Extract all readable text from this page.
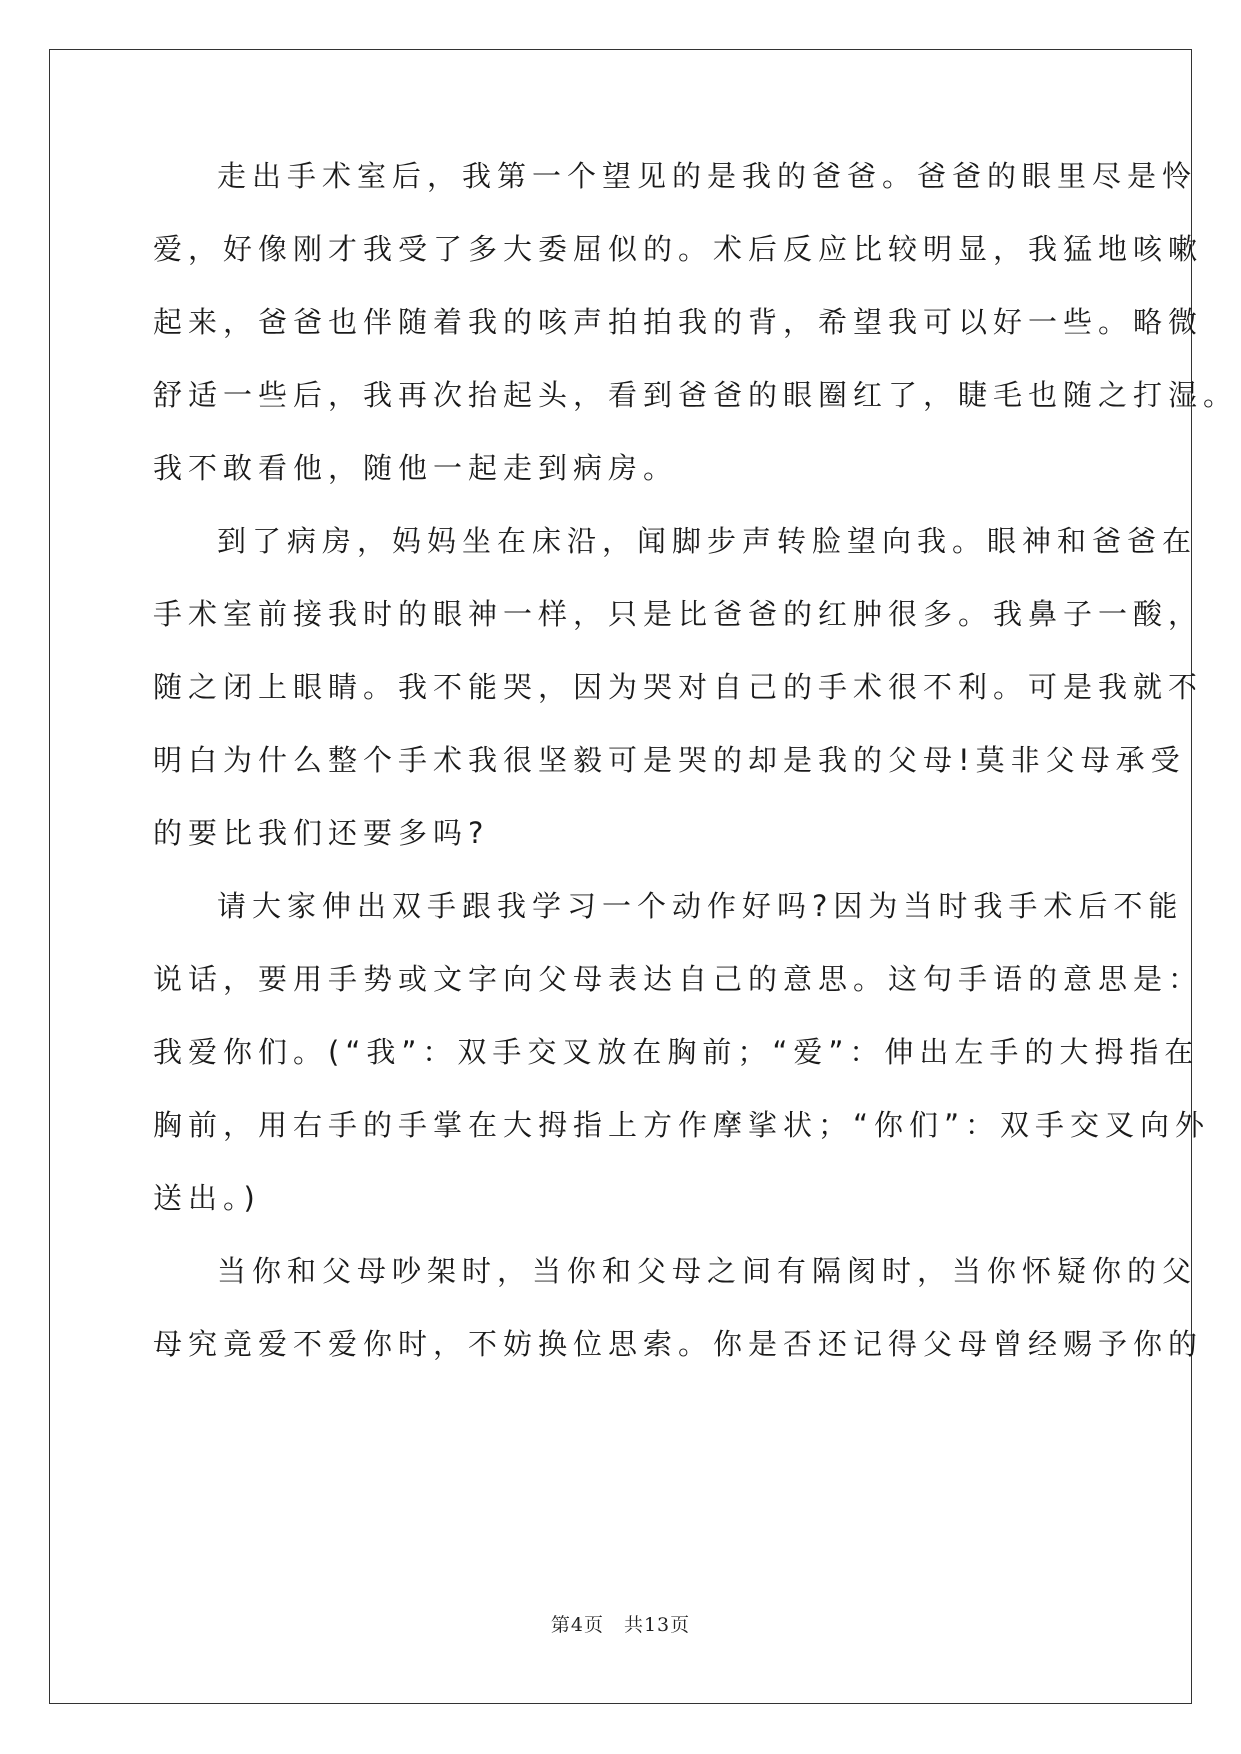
走出手术室后，我第一个望见的是我的爸爸。爸爸的眼里尽是怜
爱，好像刚才我受了多大委屈似的。术后反应比较明显，我猛地咳嗽
起来，爸爸也伴随着我的咳声拍拍我的背，希望我可以好一些。略微
舒适一些后，我再次抬起头，看到爸爸的眼圈红了，睫毛也随之打湿。
我不敢看他，随他一起走到病房。
到了病房，妈妈坐在床沿，闻脚步声转脸望向我。眼神和爸爸在
手术室前接我时的眼神一样，只是比爸爸的红肿很多。我鼻子一酸，
随之闭上眼睛。我不能哭，因为哭对自己的手术很不利。可是我就不
明白为什么整个手术我很坚毅可是哭的却是我的父母!莫非父母承受
的要比我们还要多吗?
请大家伸出双手跟我学习一个动作好吗?因为当时我手术后不能
说话，要用手势或文字向父母表达自己的意思。这句手语的意思是：
我爱你们。(“我”：双手交叉放在胸前；“爱”：伸出左手的大拇指在
胸前，用右手的手掌在大拇指上方作摩挲状；“你们”：双手交叉向外
送出。)
当你和父母吵架时，当你和父母之间有隔阂时，当你怀疑你的父
母究竟爱不爱你时，不妨换位思索。你是否还记得父母曾经赐予你的
第4页　共13页
